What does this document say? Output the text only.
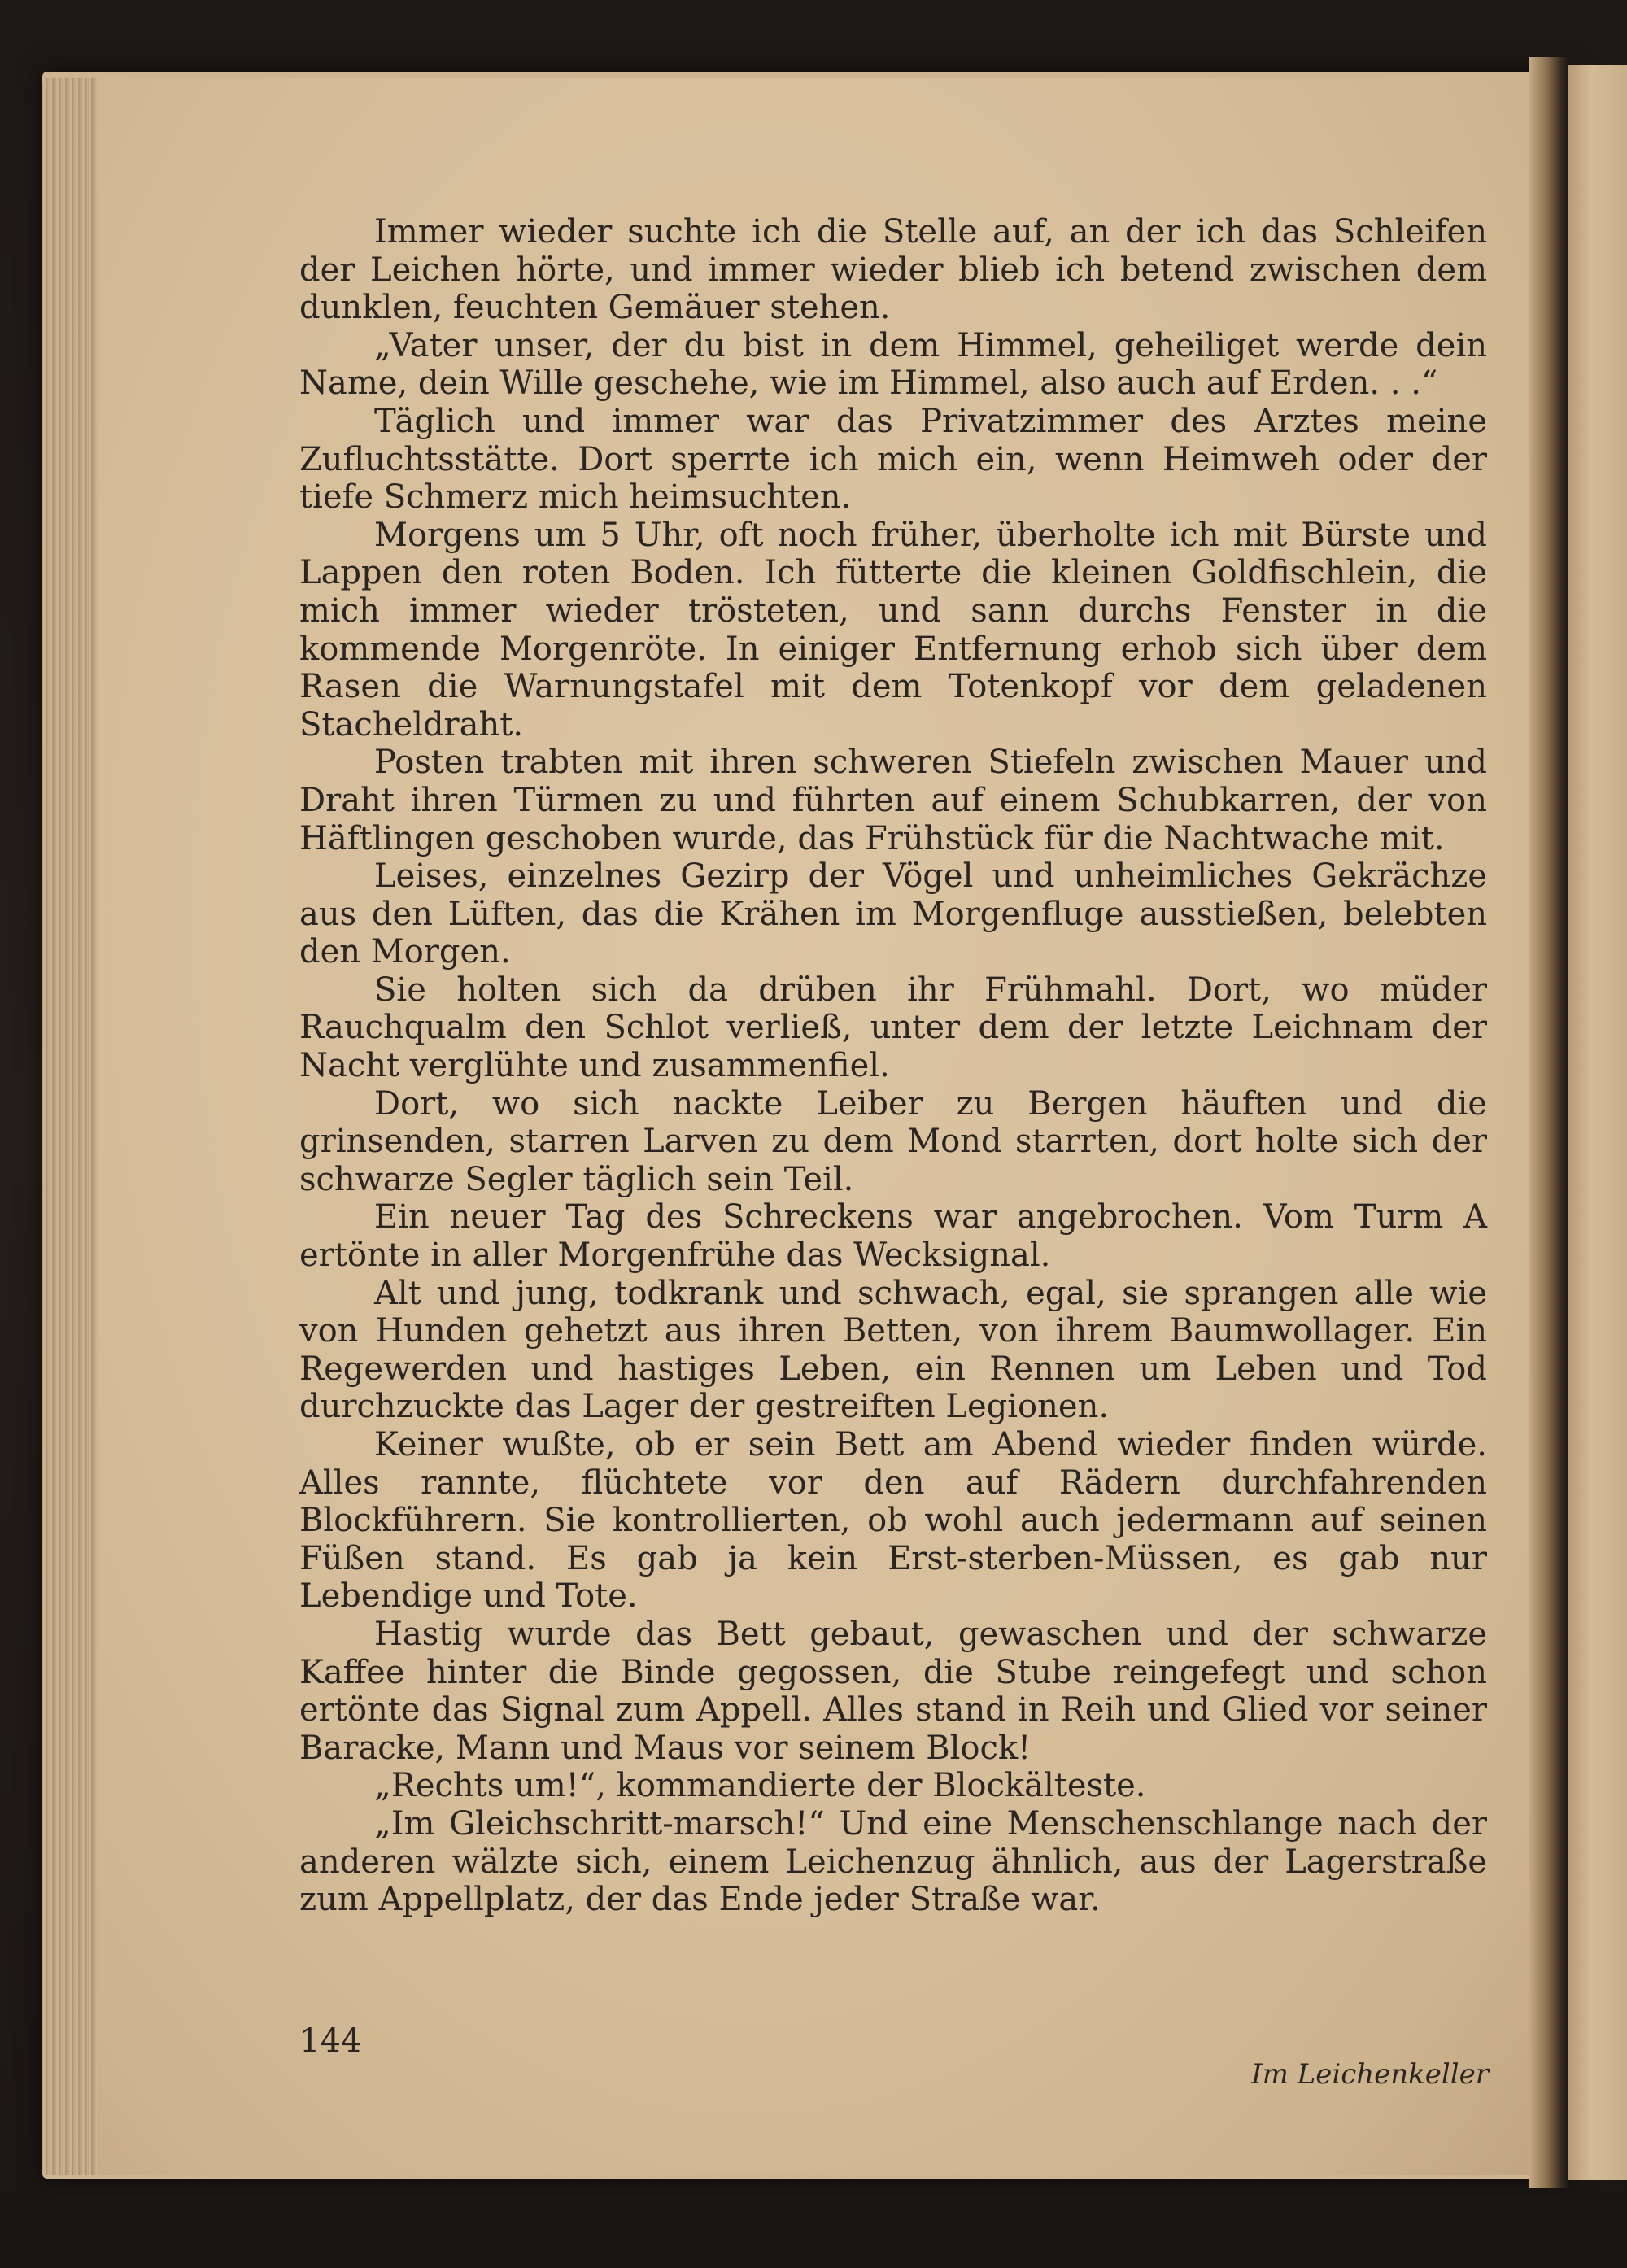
Immer wieder suchte ich die Stelle auf, an der ich das Schleifen der Leichen hörte, und immer wieder blieb ich betend zwischen dem dunklen, feuchten Gemäuer stehen.

„Vater unser, der du bist in dem Himmel, geheiliget werde dein Name, dein Wille geschehe, wie im Himmel, also auch auf Erden. . .“

Täglich und immer war das Privatzimmer des Arztes meine Zufluchtsstätte. Dort sperrte ich mich ein, wenn Heimweh oder der tiefe Schmerz mich heimsuchten.

Morgens um 5 Uhr, oft noch früher, überholte ich mit Bürste und Lappen den roten Boden. Ich fütterte die kleinen Goldfischlein, die mich immer wieder trösteten, und sann durchs Fenster in die kommende Morgenröte. In einiger Entfernung erhob sich über dem Rasen die Warnungstafel mit dem Totenkopf vor dem geladenen Stacheldraht.

Posten trabten mit ihren schweren Stiefeln zwischen Mauer und Draht ihren Türmen zu und führten auf einem Schubkarren, der von Häftlingen geschoben wurde, das Frühstück für die Nachtwache mit.

Leises, einzelnes Gezirp der Vögel und unheimliches Gekrächze aus den Lüften, das die Krähen im Morgenfluge ausstießen, belebten den Morgen.

Sie holten sich da drüben ihr Frühmahl. Dort, wo müder Rauchqualm den Schlot verließ, unter dem der letzte Leichnam der Nacht verglühte und zusammenfiel.

Dort, wo sich nackte Leiber zu Bergen häuften und die grinsenden, starren Larven zu dem Mond starrten, dort holte sich der schwarze Segler täglich sein Teil.

Ein neuer Tag des Schreckens war angebrochen. Vom Turm A ertönte in aller Morgenfrühe das Wecksignal.

Alt und jung, todkrank und schwach, egal, sie sprangen alle wie von Hunden gehetzt aus ihren Betten, von ihrem Baumwollager. Ein Regewerden und hastiges Leben, ein Rennen um Leben und Tod durchzuckte das Lager der gestreiften Legionen.

Keiner wußte, ob er sein Bett am Abend wieder finden würde. Alles rannte, flüchtete vor den auf Rädern durchfahrenden Blockführern. Sie kontrollierten, ob wohl auch jedermann auf seinen Füßen stand. Es gab ja kein Erst-sterben-Müssen, es gab nur Lebendige und Tote.

Hastig wurde das Bett gebaut, gewaschen und der schwarze Kaffee hinter die Binde gegossen, die Stube reingefegt und schon ertönte das Signal zum Appell. Alles stand in Reih und Glied vor seiner Baracke, Mann und Maus vor seinem Block!

„Rechts um!“, kommandierte der Blockälteste.

„Im Gleichschritt-marsch!“ Und eine Menschenschlange nach der anderen wälzte sich, einem Leichenzug ähnlich, aus der Lagerstraße zum Appellplatz, der das Ende jeder Straße war.

144
Im Leichenkeller
